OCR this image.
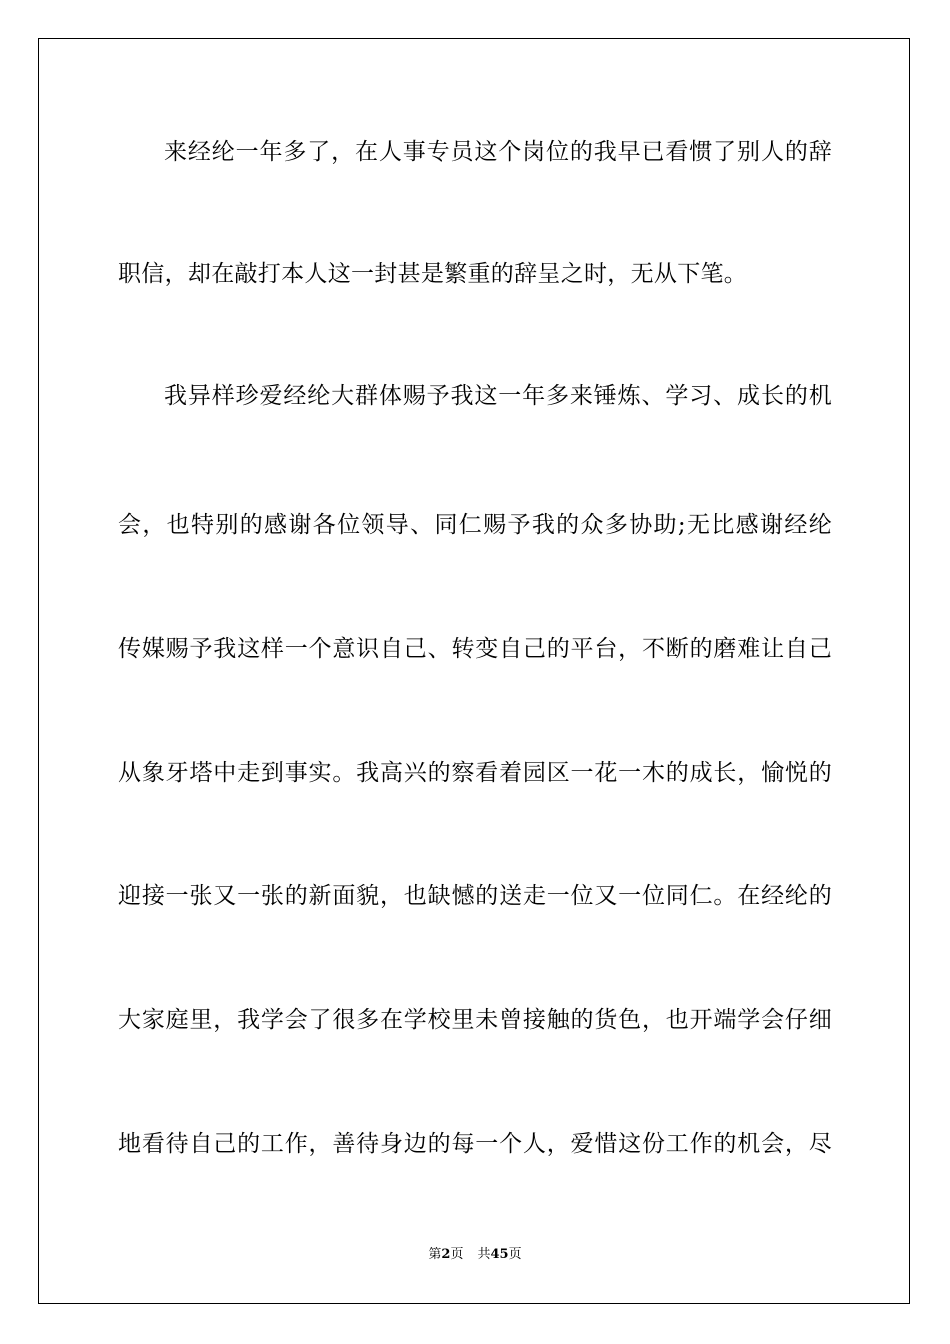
来经纶一年多了，在人事专员这个岗位的我早已看惯了别人的辞
职信，却在敲打本人这一封甚是繁重的辞呈之时，无从下笔。
我异样珍爱经纶大群体赐予我这一年多来锤炼、学习、成长的机
会，也特别的感谢各位领导、同仁赐予我的众多协助;无比感谢经纶
传媒赐予我这样一个意识自己、转变自己的平台，不断的磨难让自己
从象牙塔中走到事实。我高兴的察看着园区一花一木的成长，愉悦的
迎接一张又一张的新面貌，也缺憾的送走一位又一位同仁。在经纶的
大家庭里，我学会了很多在学校里未曾接触的货色，也开端学会仔细
地看待自己的工作，善待身边的每一个人，爱惜这份工作的机会，尽
第2页 共45页
